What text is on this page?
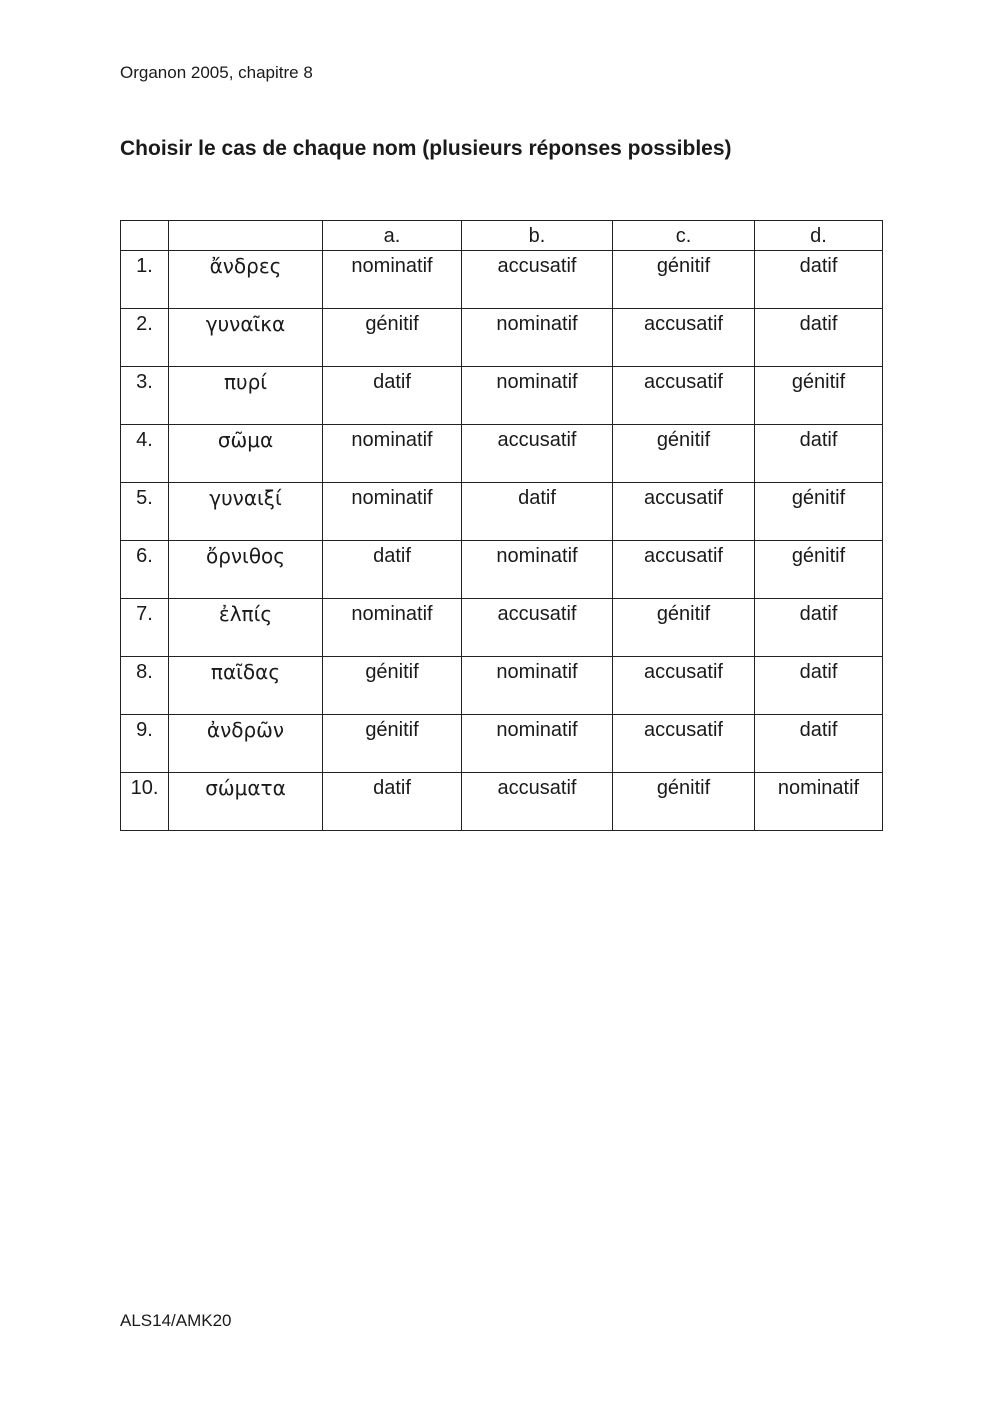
Organon 2005, chapitre 8
Choisir le cas de chaque nom (plusieurs réponses possibles)
		a.	b.	c.	d.
1.	ἄνδρες	nominatif	accusatif	génitif	datif
2.	γυναῖκα	génitif	nominatif	accusatif	datif
3.	πυρί	datif	nominatif	accusatif	génitif
4.	σῶμα	nominatif	accusatif	génitif	datif
5.	γυναιξί	nominatif	datif	accusatif	génitif
6.	ὄρνιθος	datif	nominatif	accusatif	génitif
7.	ἐλπίς	nominatif	accusatif	génitif	datif
8.	παῖδας	génitif	nominatif	accusatif	datif
9.	ἀνδρῶν	génitif	nominatif	accusatif	datif
10.	σώματα	datif	accusatif	génitif	nominatif
ALS14/AMK20
